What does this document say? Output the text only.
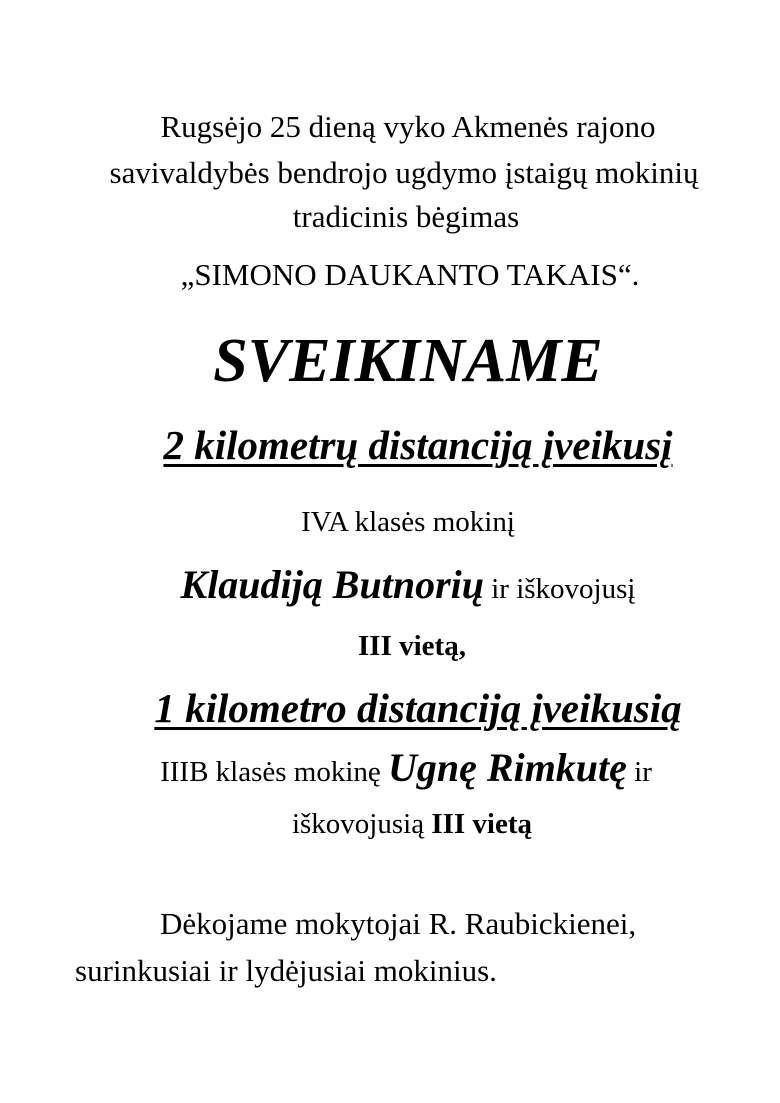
Rugsėjo 25 dieną vyko Akmenės rajono
savivaldybės bendrojo ugdymo įstaigų mokinių
tradicinis bėgimas
„SIMONO DAUKANTO TAKAIS“.
SVEIKINAME
2 kilometrų distanciją įveikusį
IVA klasės mokinį
Klaudiją Butnorių ir iškovojusį
III vietą,
1 kilometro distanciją įveikusią
IIIB klasės mokinę Ugnę Rimkutę ir
iškovojusią III vietą
Dėkojame mokytojai R. Raubickienei,
surinkusiai ir lydėjusiai mokinius.
